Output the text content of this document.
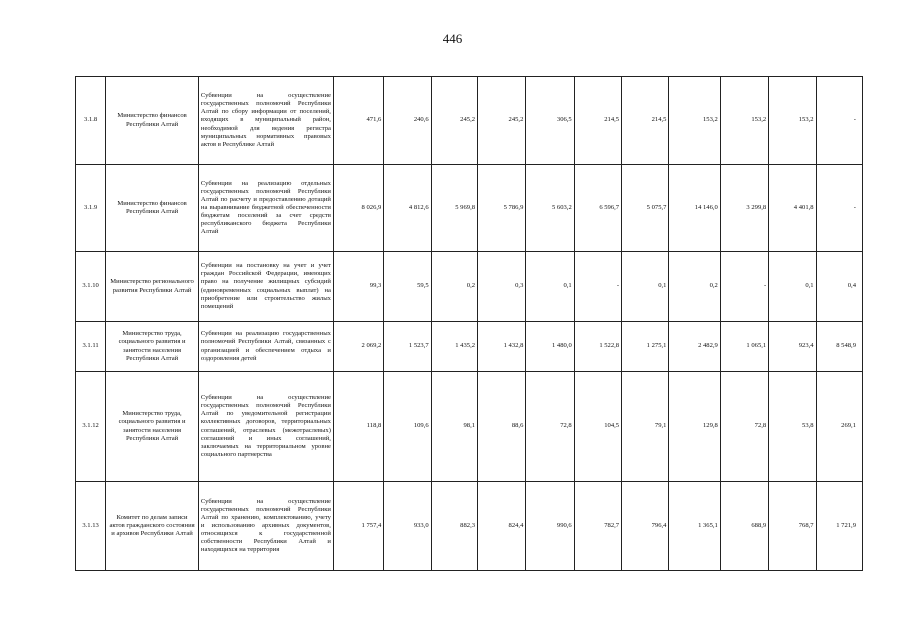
446
3.1.8	Министерство финансов Республики Алтай	Субвенции на осуществление государственных полномочий Республики Алтай по сбору информации от поселений, входящих в муниципальный район, необходимой для ведения регистра муниципальных нормативных правовых актов в Республике Алтай	471,6	240,6	245,2	245,2	306,5	214,5	214,5	153,2	153,2	153,2	-
3.1.9	Министерство финансов Республики Алтай	Субвенции на реализацию отдельных государственных полномочий Республики Алтай по расчету и предоставлению дотаций на выравнивание бюджетной обеспеченности бюджетам поселений за счет средств республиканского бюджета Республики Алтай	8 026,9	4 812,6	5 969,8	5 786,9	5 603,2	6 596,7	5 075,7	14 146,0	3 299,8	4 401,8	-
3.1.10	Министерство регионального развития Республики Алтай	Субвенции на постановку на учет и учет граждан Российской Федерации, имеющих право на получение жилищных субсидий (единовременных социальных выплат) на приобретение или строительство жилых помещений	99,3	59,5	0,2	0,3	0,1	-	0,1	0,2	-	0,1	0,4
3.1.11	Министерство труда, социального развития и занятости населения Республики Алтай	Субвенции на реализацию государственных полномочий Республики Алтай, связанных с организацией и обеспечением отдыха и оздоровления детей	2 069,2	1 523,7	1 435,2	1 432,8	1 480,0	1 522,8	1 275,1	2 482,9	1 065,1	923,4	8 548,9
3.1.12	Министерство труда, социального развития и занятости населения Республики Алтай	Субвенции на осуществление государственных полномочий Республики Алтай по уведомительной регистрации коллективных договоров, территориальных соглашений, отраслевых (межотраслевых) соглашений и иных соглашений, заключаемых на территориальном уровне социального партнерства	118,8	109,6	98,1	88,6	72,8	104,5	79,1	129,8	72,8	53,8	269,1
3.1.13	Комитет по делам записи актов гражданского состояния и архивов Республики Алтай	Субвенции на осуществление государственных полномочий Республики Алтай по хранению, комплектованию, учету и использованию архивных документов, относящихся к государственной собственности Республики Алтай и находящихся на территория	1 757,4	933,0	882,3	824,4	990,6	782,7	796,4	1 365,1	688,9	768,7	1 721,9
